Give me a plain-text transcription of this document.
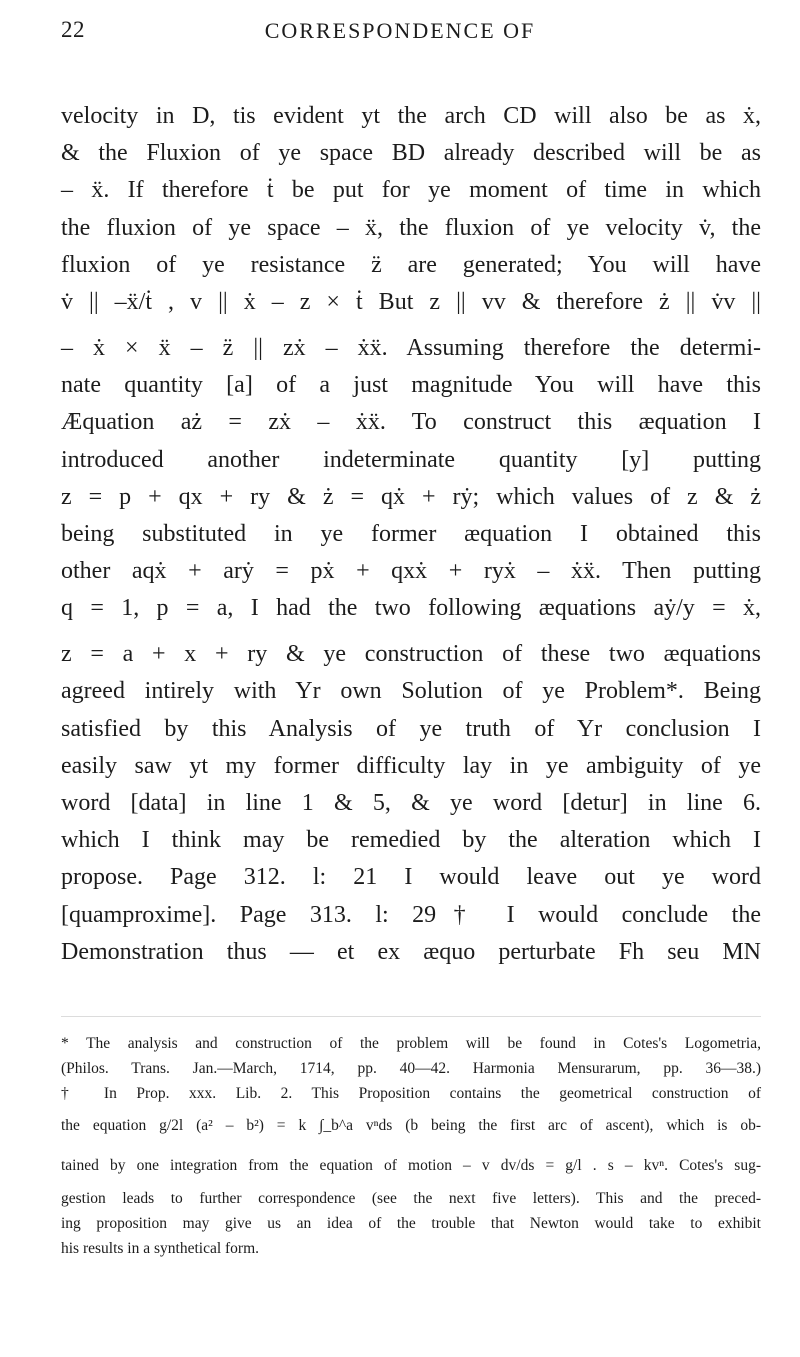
22	CORRESPONDENCE OF
velocity in D, tis evident yt the arch CD will also be as ẋ,
& the Fluxion of ye space BD already described will be as
– ẍ. If therefore ṫ be put for ye moment of time in which
the fluxion of ye space – ẍ, the fluxion of ye velocity v̇, the
fluxion of ye resistance z̈ are generated; You will have
v̇ || –ẍ/ṫ , v || ẋ – z × ṫ But z || vv & therefore ż || v̇v ||
– ẋ × ẍ – z̈ || zẋ – ẋẍ. Assuming therefore the determi-
nate quantity [a] of a just magnitude You will have this
Æquation aż = zẋ – ẋẍ. To construct this æquation I
introduced another indeterminate quantity [y] putting
z = p + qx + ry & ż = qẋ + rẏ; which values of z & ż
being substituted in ye former æquation I obtained this
other aqẋ + arẏ = pẋ + qxẋ + ryẋ – ẋẍ. Then putting
q = 1, p = a, I had the two following æquations aẏ/y = ẋ,
z = a + x + ry & ye construction of these two æquations
agreed intirely with Yr own Solution of ye Problem*. Being
satisfied by this Analysis of ye truth of Yr conclusion I
easily saw yt my former difficulty lay in ye ambiguity of ye
word [data] in line 1 & 5, & ye word [detur] in line 6.
which I think may be remedied by the alteration which I
propose. Page 312. l: 21 I would leave out ye word
[quamproxime]. Page 313. l: 29† I would conclude the
Demonstration thus — et ex æquo perturbate Fh seu MN
* The analysis and construction of the problem will be found in Cotes's Logometria,
(Philos. Trans. Jan.—March, 1714, pp. 40—42. Harmonia Mensurarum, pp. 36—38.)
† In Prop. xxx. Lib. 2. This Proposition contains the geometrical construction of
the equation g/2l (a² – b²) = k ∫_b^a vⁿds (b being the first arc of ascent), which is ob-
tained by one integration from the equation of motion – v dv/ds = g/l . s – kvⁿ. Cotes's sug-
gestion leads to further correspondence (see the next five letters). This and the preced-
ing proposition may give us an idea of the trouble that Newton would take to exhibit
his results in a synthetical form.
